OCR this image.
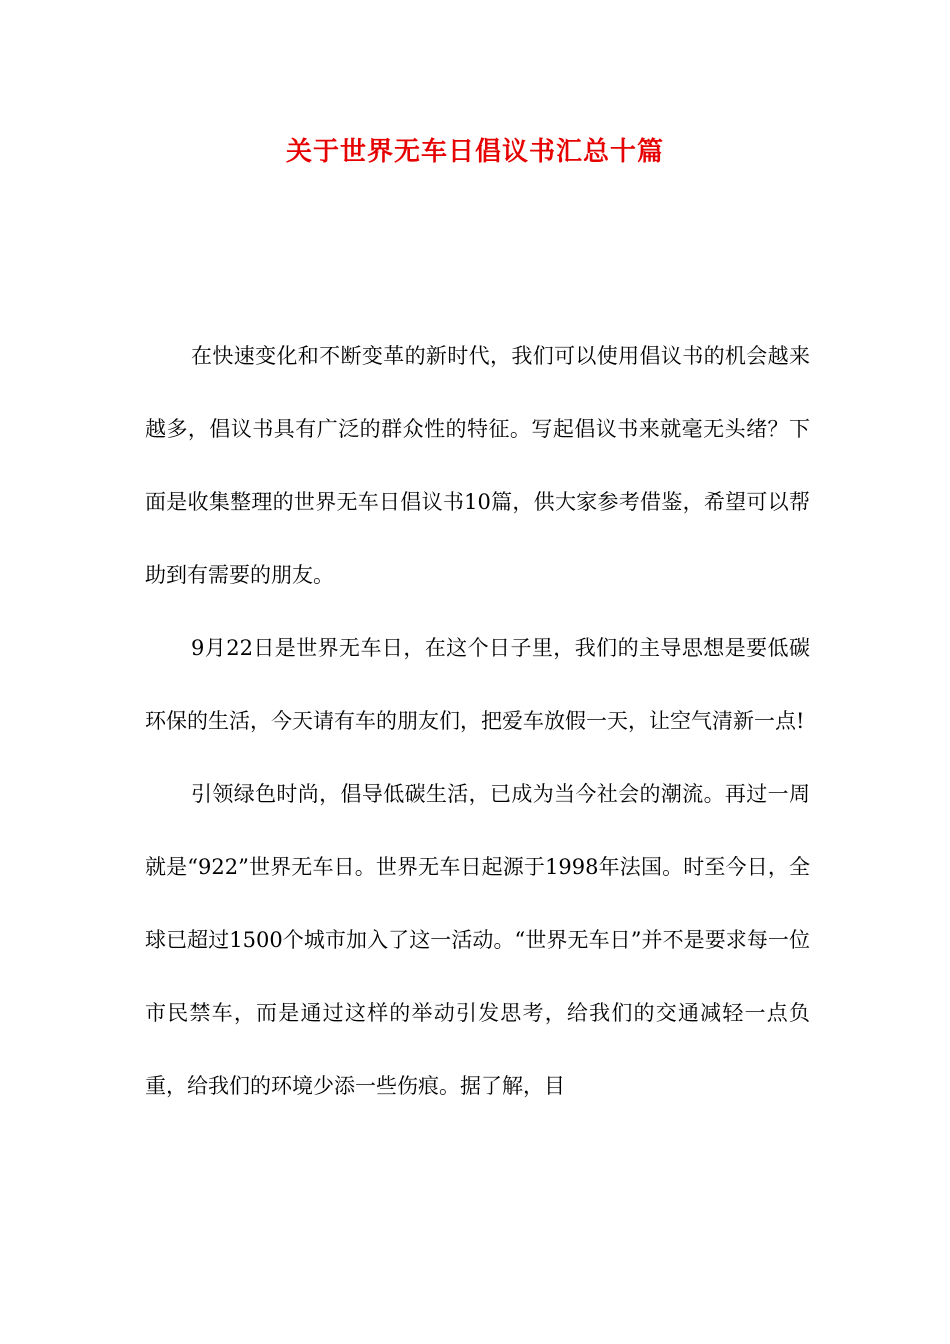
关于世界无车日倡议书汇总十篇

在快速变化和不断变革的新时代，我们可以使用倡议书的机会越来越多，倡议书具有广泛的群众性的特征。写起倡议书来就毫无头绪？下面是收集整理的世界无车日倡议书10篇，供大家参考借鉴，希望可以帮助到有需要的朋友。

9月22日是世界无车日，在这个日子里，我们的主导思想是要低碳环保的生活，今天请有车的朋友们，把爱车放假一天，让空气清新一点!

引领绿色时尚，倡导低碳生活，已成为当今社会的潮流。再过一周就是“922”世界无车日。世界无车日起源于1998年法国。时至今日，全球已超过1500个城市加入了这一活动。“世界无车日”并不是要求每一位市民禁车，而是通过这样的举动引发思考，给我们的交通减轻一点负重，给我们的环境少添一些伤痕。据了解，目
